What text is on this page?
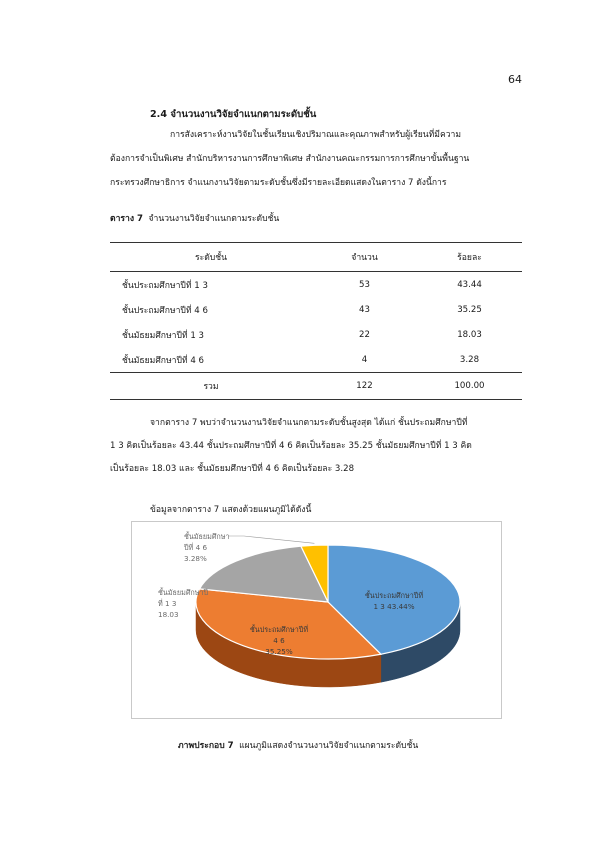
64
2.4 จำนวนงานวิจัยจำแนกตามระดับชั้น
การสังเคราะห์งานวิจัยในชั้นเรียนเชิงปริมาณและคุณภาพสำหรับผู้เรียนที่มีความ
ต้องการจำเป็นพิเศษ สำนักบริหารงานการศึกษาพิเศษ สำนักงานคณะกรรมการการศึกษาขั้นพื้นฐาน
กระทรวงศึกษาธิการ จำแนกงานวิจัยตามระดับชั้นซึ่งมีรายละเอียดแสดงในตาราง 7 ดังนี้การ
ตาราง 7 จำนวนงานวิจัยจำแนกตามระดับชั้น
ระดับชั้น	จำนวน	ร้อยละ
ชั้นประถมศึกษาปีที่ 1 3	53	43.44
ชั้นประถมศึกษาปีที่ 4 6	43	35.25
ชั้นมัธยมศึกษาปีที่ 1 3	22	18.03
ชั้นมัธยมศึกษาปีที่ 4 6	4	3.28
รวม	122	100.00
จากตาราง 7 พบว่าจำนวนงานวิจัยจำแนกตามระดับชั้นสูงสุด ได้แก่ ชั้นประถมศึกษาปีที่
1 3 คิดเป็นร้อยละ 43.44 ชั้นประถมศึกษาปีที่ 4 6 คิดเป็นร้อยละ 35.25 ชั้นมัธยมศึกษาปีที่ 1 3 คิด
เป็นร้อยละ 18.03 และ ชั้นมัธยมศึกษาปีที่ 4 6 คิดเป็นร้อยละ 3.28
ข้อมูลจากตาราง 7 แสดงด้วยแผนภูมิได้ดังนี้
ชั้นประถมศึกษาปีที่ 1 3 43.44%
ชั้นประถมศึกษาปีที่ 4 6 35.25%
ชั้นมัธยมศึกษาปีที่ 1 3 18.03
ชั้นมัธยมศึกษาปีที่ 4 6 3.28%
ภาพประกอบ 7 แผนภูมิแสดงจำนวนงานวิจัยจำแนกตามระดับชั้น
